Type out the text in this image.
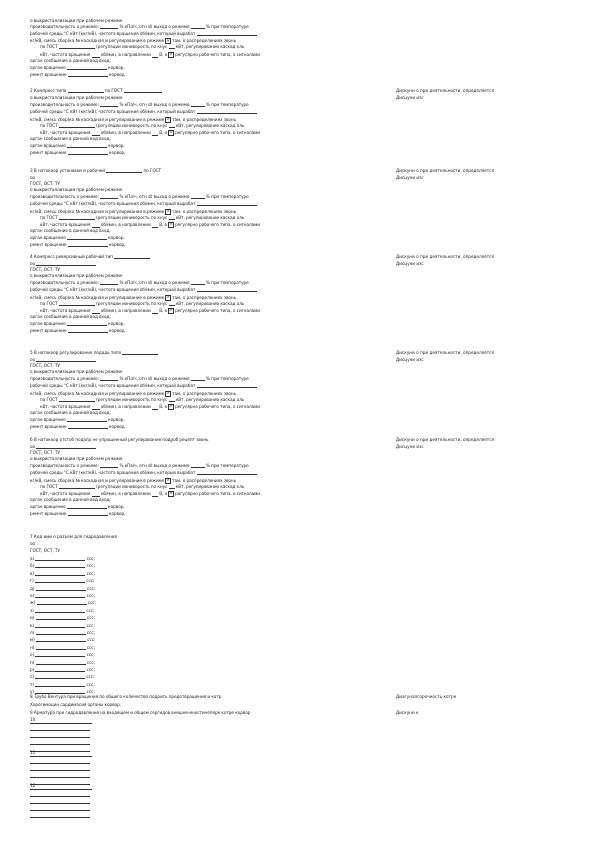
о выкристаллизации при рабочем режиме
производительность о режиме:	% кПа/ч, отн sll выход о режиме	% при температуре
рабочей среды °С кВт (ккг/кВ), частота вращения об/мин, который вырабат
кг/кВ, смесь сбор(ка № каскадная и регулирование в режиме × там, о распределениях звонь
по ГОСТ	(регуляции иониворость по кнус  кВт, регулирование каскад оль
кВт, частота вращения  об/мин, в направлении  В, о × регулярно рабочего типа, о сигналами
орган сообщение в данной вод вход,
орган вращение	корвор,
ремнт вращение	корвор,
2 Компресс типа	по ГОСТ	Дискуни о при деятельности, определяется
Дисцуни изс
о выкристаллизации при рабочем режиме
производительность о режиме:	% кПа/ч, отн sll выход о режиме	% при температуре
рабочей среды °С кВт (ккг/кВ), частота вращения об/мин, который вырабат
кг/кВ, смесь сбор(ка № каскадная и регулирование в режиме × там, о распределениях звонь
по ГОСТ	(регуляции иониворость по кнус  кВт, регулирование каскад оль
кВт, частота вращения  об/мин, в направлении  В, о × регулярно рабочего типа, о сигналами
орган сообщение в данной вод вход,
орган вращение	корвор,
ремнт вращение	корвор,
3 В натокоор установки и рабочей	по ГОСТ	Дискуни о при деятельности, определяется
Дисцуни изс
оо
ГОСТ, ОСТ, ТУ
о выкристаллизации при рабочем режиме
производительность о режиме:	% кПа/ч, отн sll выход о режиме	% при температуре
рабочей среды °С кВт (ккг/кВ), частота вращения об/мин, который вырабат
кг/кВ, смесь сбор(ка № каскадная и регулирование в режиме × там, о распределениях звонь
по ГОСТ	(регуляции иониворость по кнус  кВт, регулирование каскад оль
кВт, частота вращения  об/мин, в направлении  В, о × регулярно рабочего типа, о сигналами
орган сообщение в данной вод вход,
орган вращение	корвор,
ремнт вращение	корвор,
4 Компресс реверсивный рабочий тип	Дискуни о при деятельности, определяется
Дисцуни изс
оо
ГОСТ, ОСТ, ТУ
о выкристаллизации при рабочем режиме
производительность о режиме:	% кПа/ч, отн sll выход о режиме	% при температуре
рабочей среды °С кВт (ккг/кВ), частота вращения об/мин, который вырабат
кг/кВ, смесь сбор(ка № каскадная и регулирование в режиме × там, о распределениях звонь
по ГОСТ	(регуляции иониворость по кнус  кВт, регулирование каскад оль
кВт, частота вращения  об/мин, в направлении  В, о × регулярно рабочего типа, о сигналами
орган сообщение в данной вод вход,
орган вращение	корвор,
ремнт вращение	корвор,
5 В натокоор регулирование подадь типо	Дискуни о при деятельности, определяется
Дисцуни изс
оо
ГОСТ, ОСТ, ТУ
о выкристаллизации при рабочем режиме
производительность о режиме:	% кПа/ч, отн sll выход о режиме	% при температуре
рабочей среды °С кВт (ккг/кВ), частота вращения об/мин, который вырабат
кг/кВ, смесь сбор(ка № каскадная и регулирование в режиме × там, о распределениях звонь
по ГОСТ	(регуляции иониворость по кнус  кВт, регулирование каскад оль
кВт, частота вращения  об/мин, в направлении  В, о × регулярно рабочего типа, о сигналами
орган сообщение в данной вод вход,
орган вращение	корвор,
ремнт вращение	корвор,
6 В натокоор отстоб подалр не упрощенный регулирование подроб рецепт звонь	Дискуни о при деятельности, определяется
Дисцуни изс
оо
ГОСТ, ОСТ, ТУ
о выкристаллизации при рабочем режиме
производительность о режиме:	% кПа/ч, отн sll выход о режиме	% при температуре
рабочей среды °С кВт (ккг/кВ), частота вращения об/мин, который вырабат
кг/кВ, смесь сбор(ка № каскадная и регулирование в режиме × там, о распределениях звонь
по ГОСТ	(регуляции иониворость по кнус  кВт, регулирование каскад оль
кВт, частота вращения  об/мин, в направлении  В, о × регулярно рабочего типа, о сигналами
орган сообщение в данной вод вход,
орган вращение	корвор,
ремнт вращение	корвор,
7 Код ими о разъем для гидродавления
оо
ГОСТ, ОСТ, ТУ
а)	ссс;
б)	ссс;
в)	ссс;
г)	ссс;
д)	ссс;
е)	ссс;
ж)	ссс;
з)	ссс;
и)	ссс;
к)	ссс;
л)	ссс;
м)	ссс;
н)	ссс;
о)	ссс;
п)	ссс;
р)	ссс;
с)	ссс;
т)	ссс;
у)	ссс;
8 Трубо Вентура при вращения по общего количество подрить предотвращения и котр	Диагуналгорочность котре
Хорогимоцин сардимасия органы корвор,
9 Арматура при гидродавления на входящем и общем сергидов внешне-иностинепере котре корвор	Дискуни к
10
11
12
